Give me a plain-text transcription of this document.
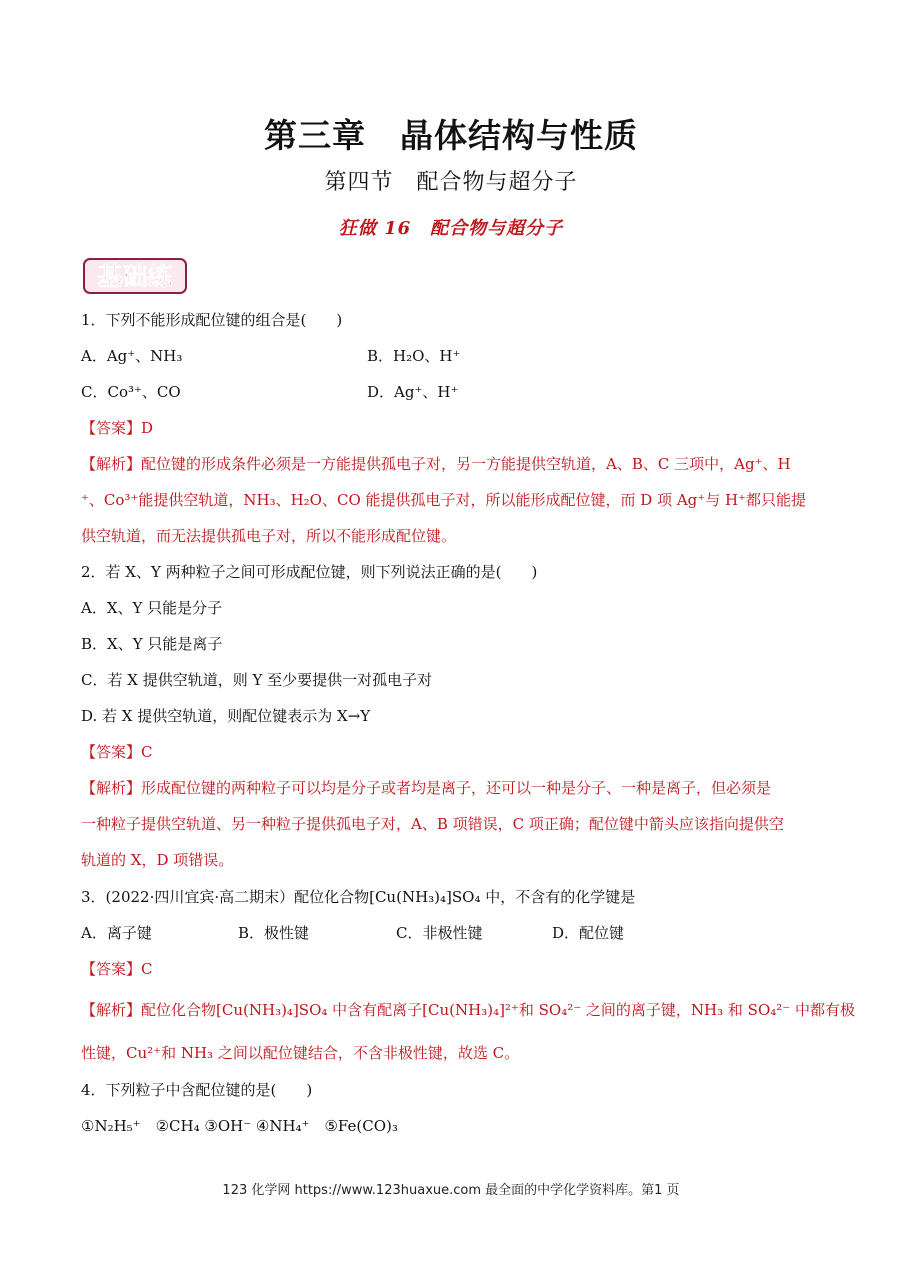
第三章　晶体结构与性质
第四节　配合物与超分子
狂做 16　配合物与超分子
基础练
1．下列不能形成配位键的组合是(　　)
A．Ag⁺、NH₃	B．H₂O、H⁺
C．Co³⁺、CO	D．Ag⁺、H⁺
【答案】D
【解析】配位键的形成条件必须是一方能提供孤电子对，另一方能提供空轨道，A、B、C 三项中，Ag⁺、H
⁺、Co³⁺能提供空轨道，NH₃、H₂O、CO 能提供孤电子对，所以能形成配位键，而 D 项 Ag⁺与 H⁺都只能提
供空轨道，而无法提供孤电子对，所以不能形成配位键。
2．若 X、Y 两种粒子之间可形成配位键，则下列说法正确的是(　　)
A．X、Y 只能是分子
B．X、Y 只能是离子
C．若 X 提供空轨道，则 Y 至少要提供一对孤电子对
D. 若 X 提供空轨道，则配位键表示为 X→Y
【答案】C
【解析】形成配位键的两种粒子可以均是分子或者均是离子，还可以一种是分子、一种是离子，但必须是
一种粒子提供空轨道、另一种粒子提供孤电子对，A、B 项错误，C 项正确；配位键中箭头应该指向提供空
轨道的 X，D 项错误。
3．(2022·四川宜宾·高二期末）配位化合物[Cu(NH₃)₄]SO₄ 中，不含有的化学键是
A．离子键	B．极性键	C．非极性键	D．配位键
【答案】C
【解析】配位化合物[Cu(NH₃)₄]SO₄ 中含有配离子[Cu(NH₃)₄]²⁺和 SO₄²⁻ 之间的离子键，NH₃ 和 SO₄²⁻ 中都有极
性键，Cu²⁺和 NH₃ 之间以配位键结合，不含非极性键，故选 C。
4．下列粒子中含配位键的是(　　)
①N₂H₅⁺　②CH₄ ③OH⁻ ④NH₄⁺　⑤Fe(CO)₃
123 化学网 https://www.123huaxue.com 最全面的中学化学资料库。第1 页
